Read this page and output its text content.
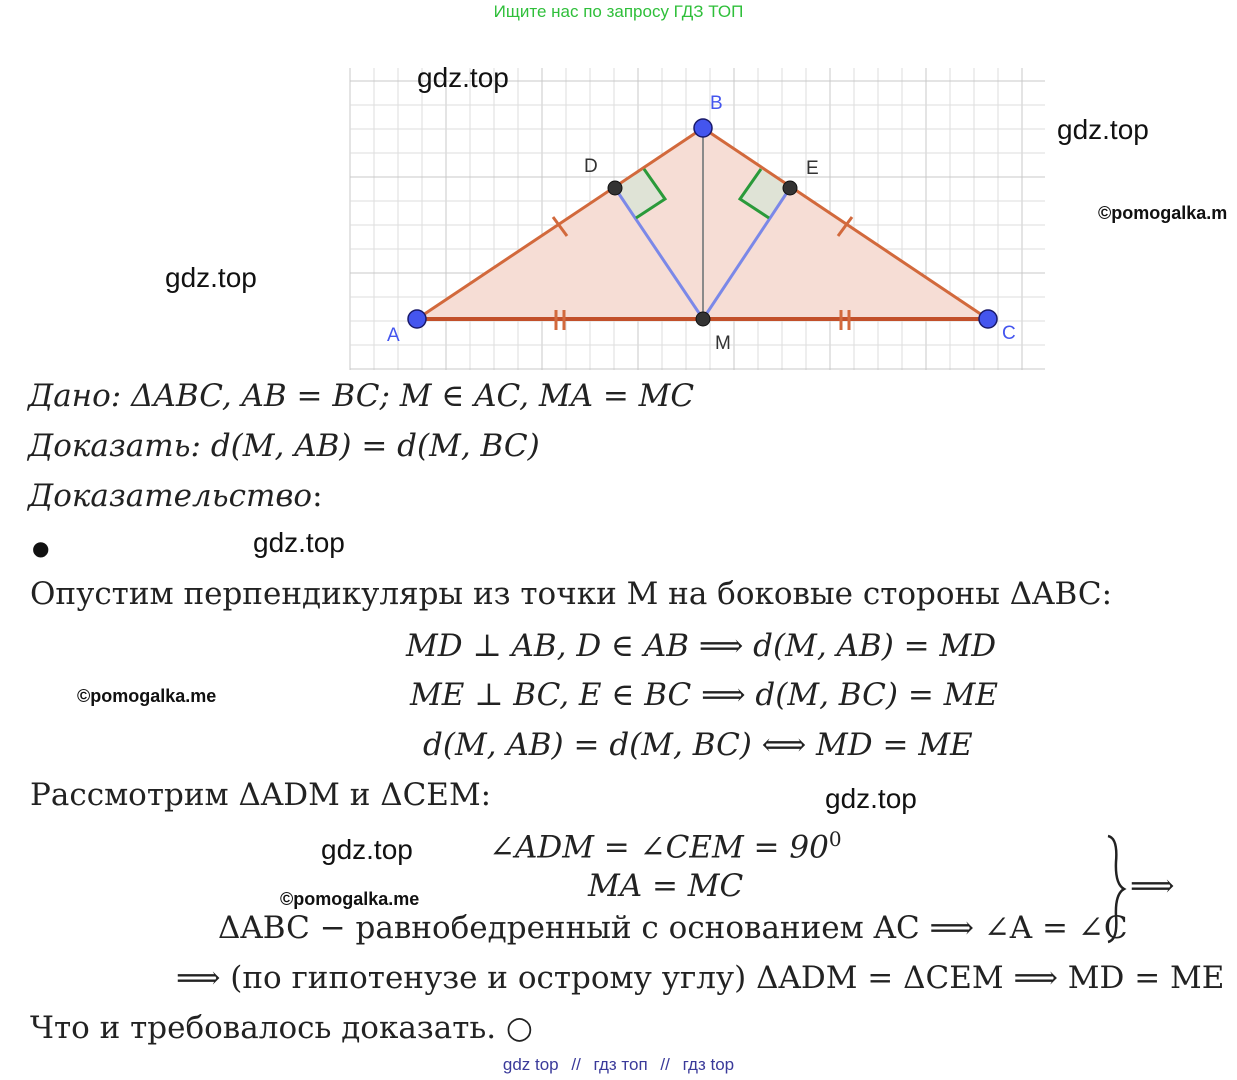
Ищите нас по запросу ГДЗ ТОП
A
B
C
D	E
M
gdz.top
gdz.top
©pomogalka.m
gdz.top
gdz.top
©pomogalka.me
gdz.top
gdz.top
©pomogalka.me
Дано: ΔABC, AB = BC; M ∈ AC, MA = MC
Доказать: d(M, AB) = d(M, BC)
Доказательство:
●
Опустим перпендикуляры из точки M на боковые стороны ΔABC:
MD ⊥ AB, D ∈ AB ⟹ d(M, AB) = MD
ME ⊥ BC, E ∈ BC ⟹ d(M, BC) = ME
d(M, AB) = d(M, BC) ⟺ MD = ME
Рассмотрим ΔADM и ΔCEM:
∠ADM = ∠CEM = $90^0$
MA = MC
ΔABC − равнобедренный с основанием AC ⟹ ∠A = ∠C
⟹
⟹ (по гипотенузе и острому углу) ΔADM = ΔCEM ⟹ MD = ME
Что и требовалось доказать. ○
gdz top // гдз топ // гдз top
